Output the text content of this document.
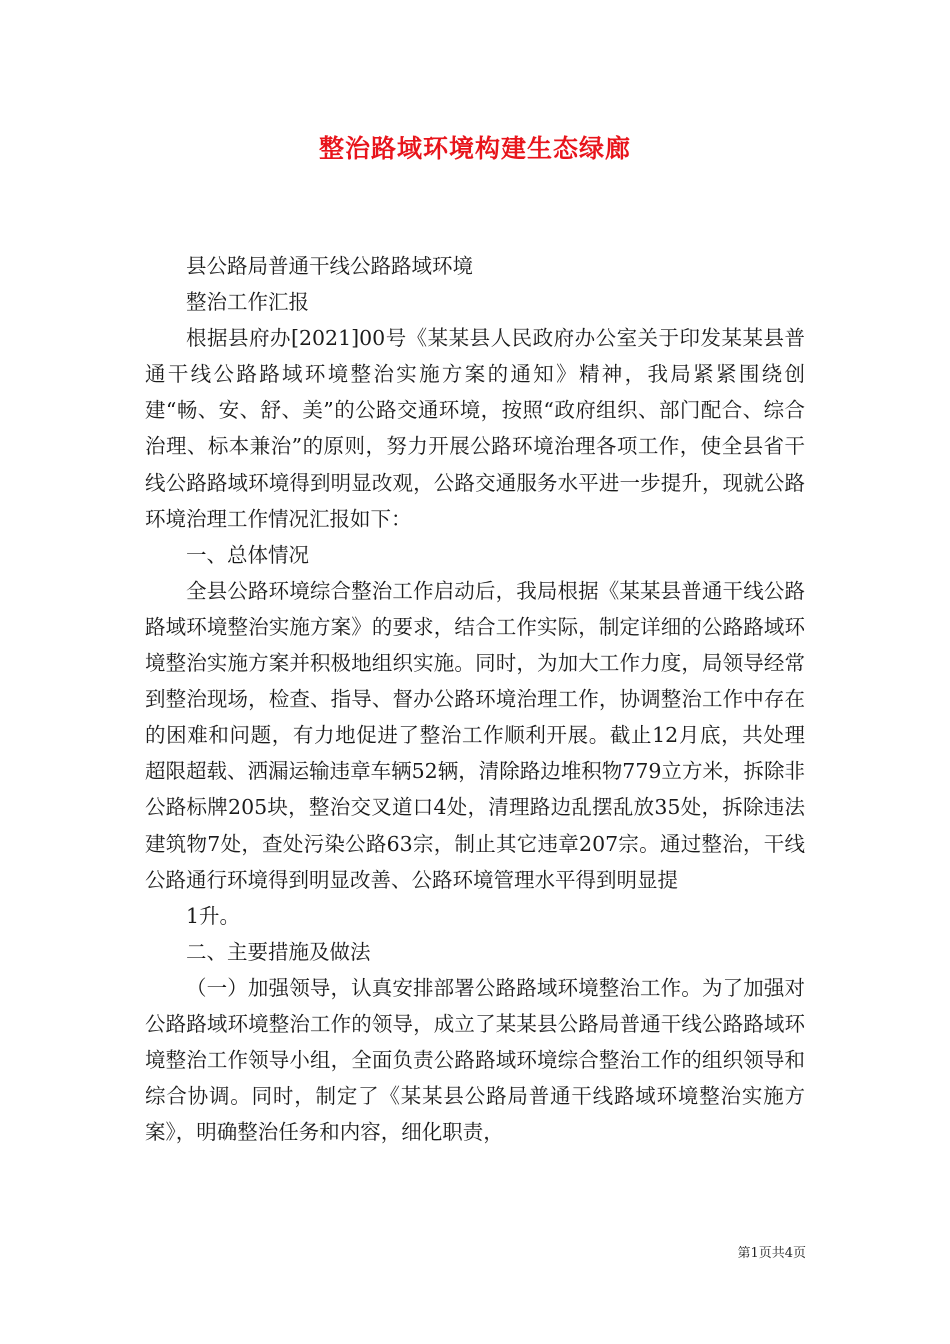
整治路域环境构建生态绿廊

县公路局普通干线公路路域环境

整治工作汇报

根据县府办[2021]00号《某某县人民政府办公室关于印发某某县普通干线公路路域环境整治实施方案的通知》精神，我局紧紧围绕创建“畅、安、舒、美”的公路交通环境，按照“政府组织、部门配合、综合治理、标本兼治”的原则，努力开展公路环境治理各项工作，使全县省干线公路路域环境得到明显改观，公路交通服务水平进一步提升，现就公路环境治理工作情况汇报如下：

一、总体情况

全县公路环境综合整治工作启动后，我局根据《某某县普通干线公路路域环境整治实施方案》的要求，结合工作实际，制定详细的公路路域环境整治实施方案并积极地组织实施。同时，为加大工作力度，局领导经常到整治现场，检查、指导、督办公路环境治理工作，协调整治工作中存在的困难和问题，有力地促进了整治工作顺利开展。截止12月底，共处理超限超载、洒漏运输违章车辆52辆，清除路边堆积物779立方米，拆除非公路标牌205块，整治交叉道口4处，清理路边乱摆乱放35处，拆除违法建筑物7处，查处污染公路63宗，制止其它违章207宗。通过整治，干线公路通行环境得到明显改善、公路环境管理水平得到明显提

1升。

二、主要措施及做法

（一）加强领导，认真安排部署公路路域环境整治工作。为了加强对公路路域环境整治工作的领导，成立了某某县公路局普通干线公路路域环境整治工作领导小组，全面负责公路路域环境综合整治工作的组织领导和综合协调。同时，制定了《某某县公路局普通干线路域环境整治实施方案》，明确整治任务和内容，细化职责，

第1页共4页
